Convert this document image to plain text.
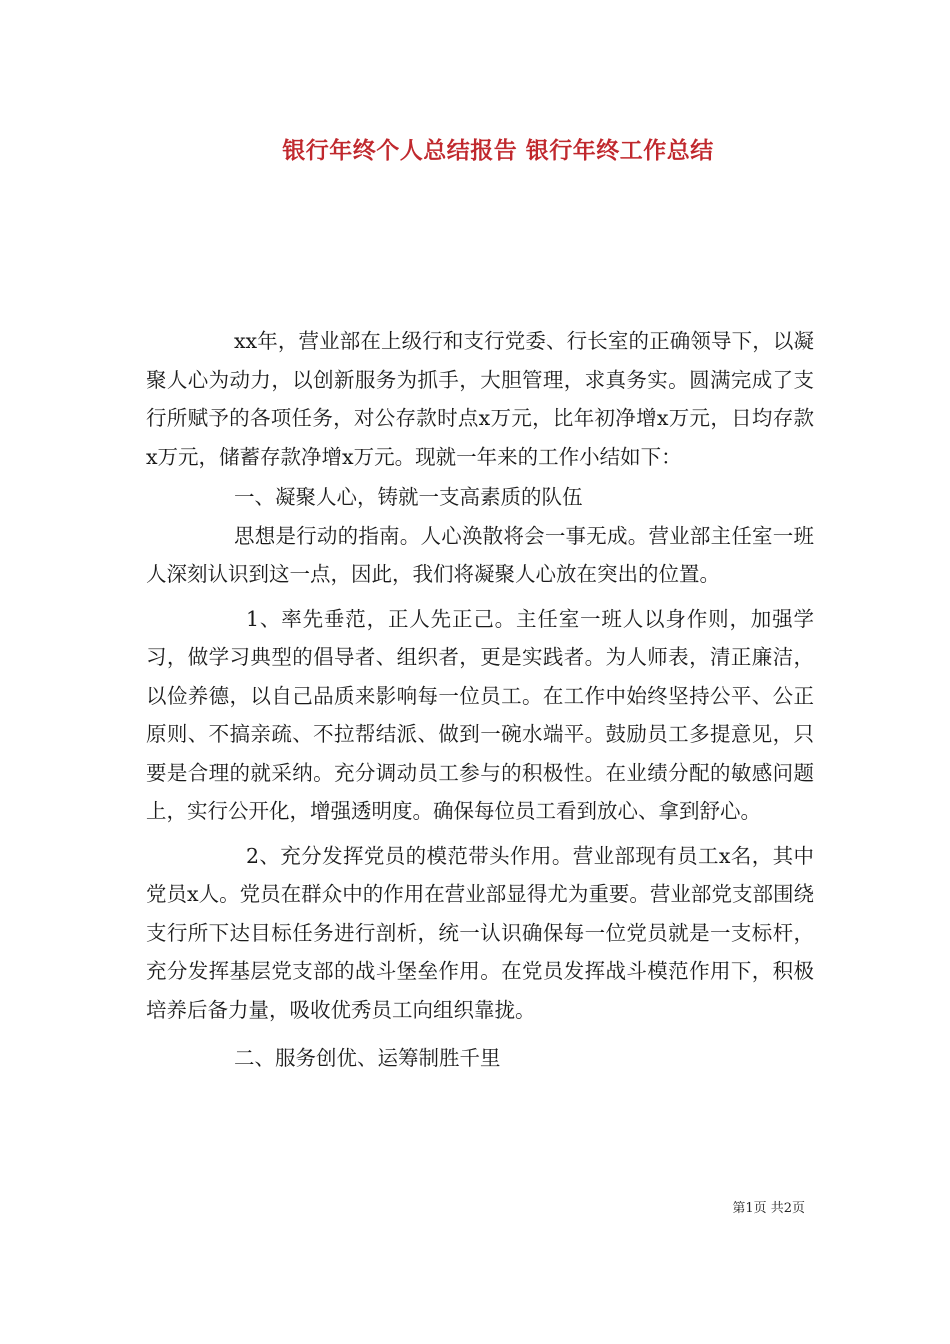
银行年终个人总结报告 银行年终工作总结

xx年，营业部在上级行和支行党委、行长室的正确领导下，以凝聚人心为动力，以创新服务为抓手，大胆管理，求真务实。圆满完成了支行所赋予的各项任务，对公存款时点x万元，比年初净增x万元，日均存款x万元，储蓄存款净增x万元。现就一年来的工作小结如下：

一、凝聚人心，铸就一支高素质的队伍

思想是行动的指南。人心涣散将会一事无成。营业部主任室一班人深刻认识到这一点，因此，我们将凝聚人心放在突出的位置。

1、率先垂范，正人先正己。主任室一班人以身作则，加强学习，做学习典型的倡导者、组织者，更是实践者。为人师表，清正廉洁，以俭养德，以自己品质来影响每一位员工。在工作中始终坚持公平、公正原则、不搞亲疏、不拉帮结派、做到一碗水端平。鼓励员工多提意见，只要是合理的就采纳。充分调动员工参与的积极性。在业绩分配的敏感问题上，实行公开化，增强透明度。确保每位员工看到放心、拿到舒心。

2、充分发挥党员的模范带头作用。营业部现有员工x名，其中党员x人。党员在群众中的作用在营业部显得尤为重要。营业部党支部围绕支行所下达目标任务进行剖析，统一认识确保每一位党员就是一支标杆，充分发挥基层党支部的战斗堡垒作用。在党员发挥战斗模范作用下，积极培养后备力量，吸收优秀员工向组织靠拢。

二、服务创优、运筹制胜千里

第1页 共2页
